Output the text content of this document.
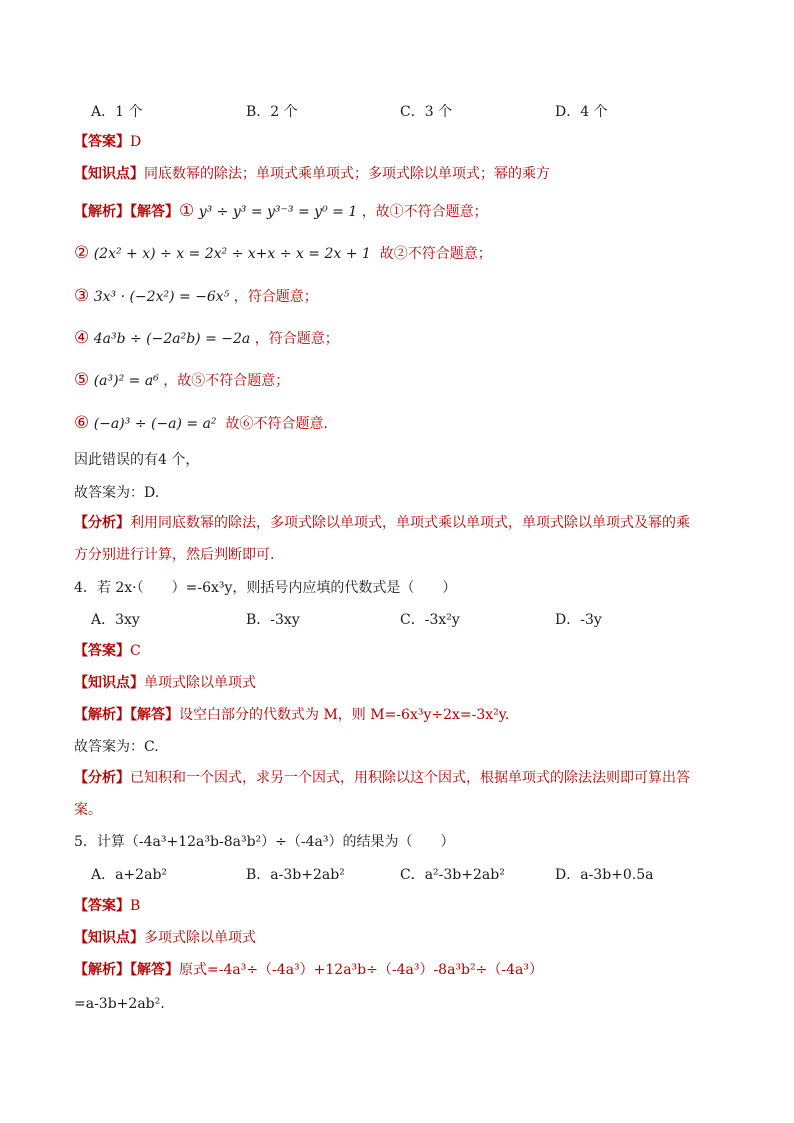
A．1 个	B．2 个	C．3 个	D．4 个
【答案】D
【知识点】同底数幂的除法；单项式乘单项式；多项式除以单项式；幂的乘方
【解析】【解答】① y³ ÷ y³ = y³⁻³ = y⁰ = 1 ，故①不符合题意；
② (2x² + x) ÷ x = 2x² ÷ x+x ÷ x = 2x + 1 故②不符合题意；
③ 3x³ · (−2x²) = −6x⁵ ，符合题意；
④ 4a³b ÷ (−2a²b) = −2a ，符合题意；
⑤ (a³)² = a⁶ ，故⑤不符合题意；
⑥ (−a)³ ÷ (−a) = a² 故⑥不符合题意．
因此错误的有4 个，
故答案为：D.
【分析】利用同底数幂的除法，多项式除以单项式，单项式乘以单项式，单项式除以单项式及幂的乘
方分别进行计算，然后判断即可.
4．若 2x·（　　）=-6x³y，则括号内应填的代数式是（　　）
A．3xy	B．-3xy	C．-3x²y	D．-3y
【答案】C
【知识点】单项式除以单项式
【解析】【解答】设空白部分的代数式为 M，则 M=-6x³y÷2x=-3x²y.
故答案为：C.
【分析】已知积和一个因式，求另一个因式，用积除以这个因式，根据单项式的除法法则即可算出答
案。
5．计算（-4a³+12a³b-8a³b²）÷（-4a³）的结果为（　　）
A．a+2ab²	B．a-3b+2ab²	C．a²-3b+2ab²	D．a-3b+0.5a
【答案】B
【知识点】多项式除以单项式
【解析】【解答】原式=-4a³÷（-4a³）+12a³b÷（-4a³）-8a³b²÷（-4a³）
=a-3b+2ab².
